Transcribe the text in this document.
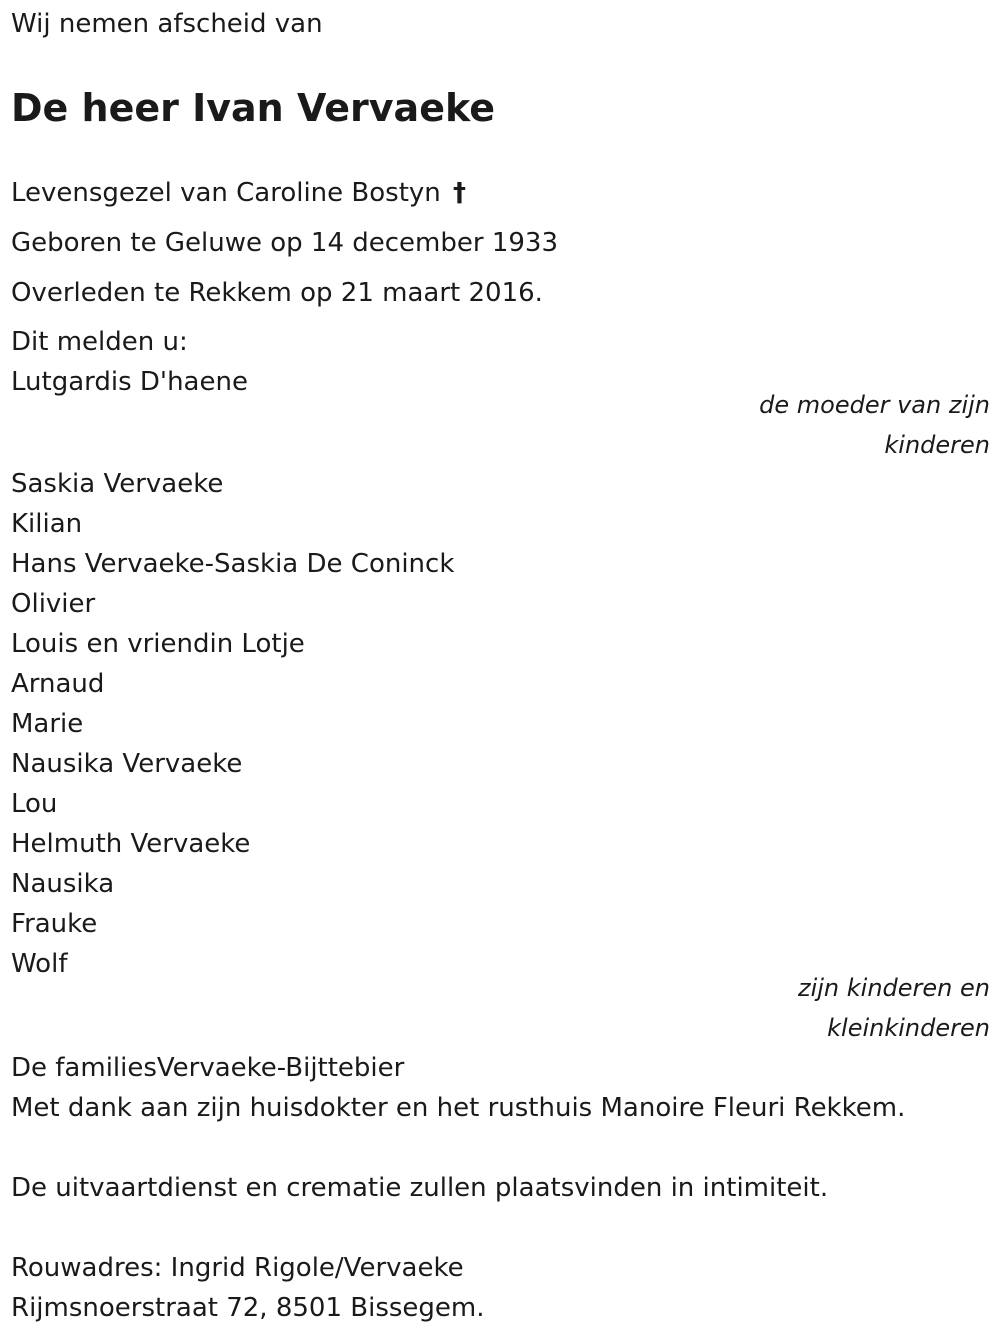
Wij nemen afscheid van
De heer Ivan Vervaeke
Levensgezel van Caroline Bostyn †
Geboren te Geluwe op 14 december 1933
Overleden te Rekkem op 21 maart 2016.
Dit melden u:
Lutgardis D'haene
de moeder van zijn
kinderen
Saskia Vervaeke
Kilian
Hans Vervaeke-Saskia De Coninck
Olivier
Louis en vriendin Lotje
Arnaud
Marie
Nausika Vervaeke
Lou
Helmuth Vervaeke
Nausika
Frauke
Wolf
zijn kinderen en
kleinkinderen
De familiesVervaeke-Bijttebier
Met dank aan zijn huisdokter en het rusthuis Manoire Fleuri Rekkem.
De uitvaartdienst en crematie zullen plaatsvinden in intimiteit.
Rouwadres: Ingrid Rigole/Vervaeke
Rijmsnoerstraat 72, 8501 Bissegem.
